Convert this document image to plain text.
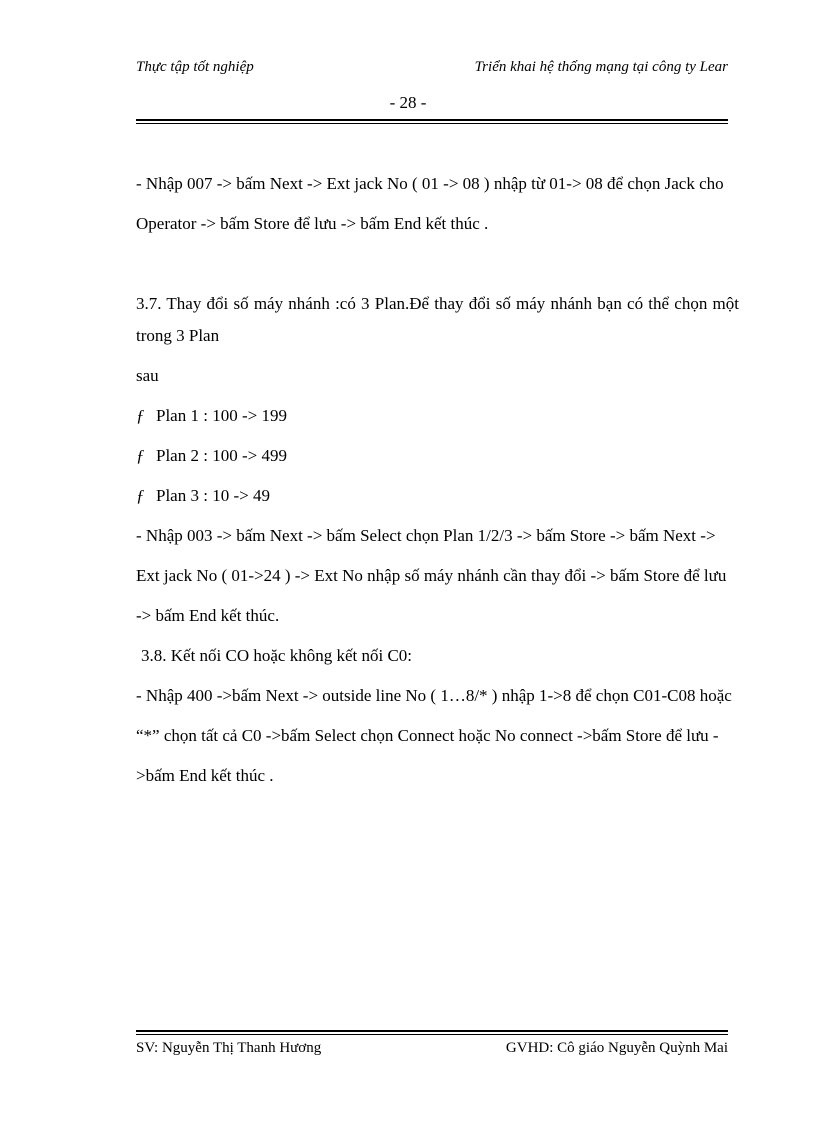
Thực tập tốt nghiệp	Triển khai hệ thống mạng tại công ty Lear
- 28 -

- Nhập 007 -> bấm Next -> Ext jack No ( 01 -> 08 ) nhập từ 01-> 08 để chọn Jack cho

Operator -> bấm Store để lưu -> bấm End kết thúc .

3.7. Thay đổi số máy nhánh :có 3 Plan.Để thay đổi số máy nhánh bạn có thể chọn một trong 3 Plan

sau

ƒ Plan 1 : 100 -> 199

ƒ Plan 2 : 100 -> 499

ƒ Plan 3 : 10 -> 49

- Nhập 003 -> bấm Next -> bấm Select chọn Plan 1/2/3 -> bấm Store -> bấm Next ->

Ext jack No ( 01->24 ) -> Ext No nhập số máy nhánh cần thay đổi -> bấm Store để lưu

-> bấm End kết thúc.

3.8. Kết nối CO hoặc không kết nối C0:

- Nhập 400 ->bấm Next -> outside line No ( 1…8/* ) nhập 1->8 để chọn C01-C08 hoặc

“*” chọn tất cả C0 ->bấm Select chọn Connect hoặc No connect ->bấm Store để lưu -

>bấm End kết thúc .

SV: Nguyễn Thị Thanh Hương	GVHD: Cô giáo Nguyễn Quỳnh Mai
